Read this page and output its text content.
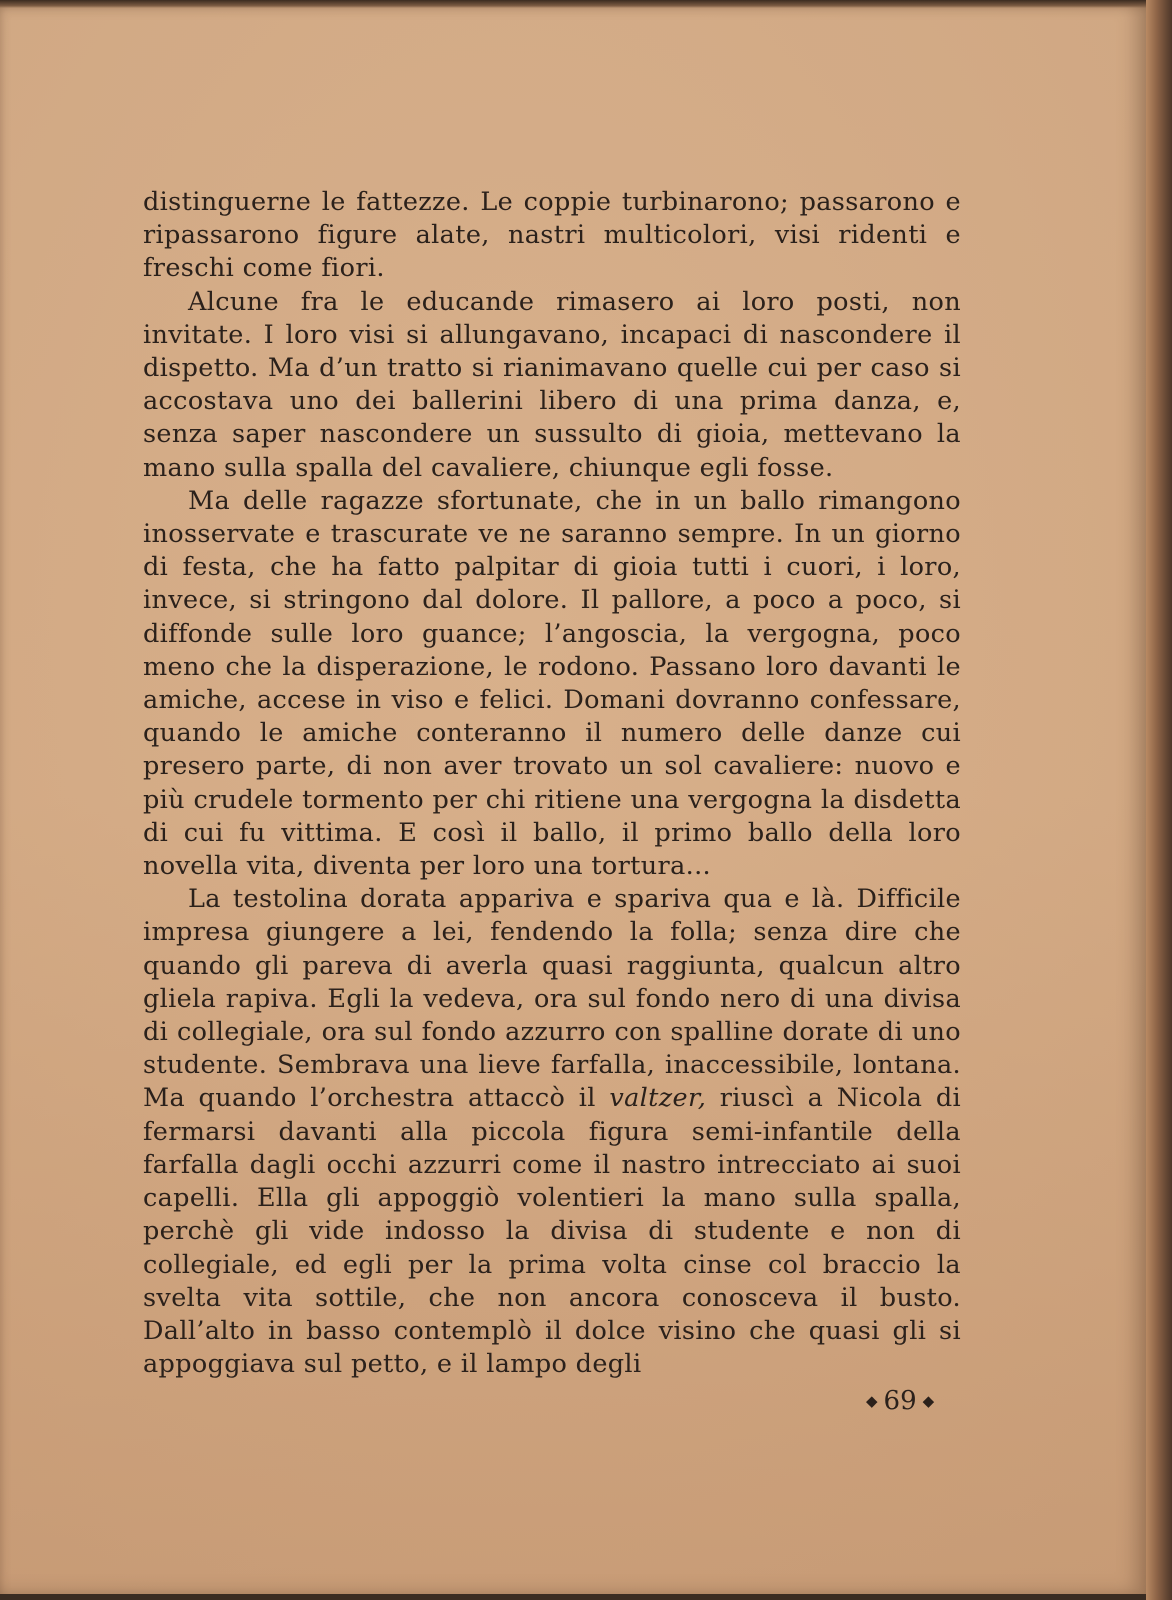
distinguerne le fattezze. Le coppie turbinarono; passarono e ripassarono figure alate, nastri multicolori, visi ridenti e freschi come fiori.

Alcune fra le educande rimasero ai loro posti, non invitate. I loro visi si allungavano, incapaci di nascondere il dispetto. Ma d’un tratto si rianimavano quelle cui per caso si accostava uno dei ballerini libero di una prima danza, e, senza saper nascondere un sussulto di gioia, mettevano la mano sulla spalla del cavaliere, chiunque egli fosse.

Ma delle ragazze sfortunate, che in un ballo rimangono inosservate e trascurate ve ne saranno sempre. In un giorno di festa, che ha fatto palpitar di gioia tutti i cuori, i loro, invece, si stringono dal dolore. Il pallore, a poco a poco, si diffonde sulle loro guance; l’angoscia, la vergogna, poco meno che la disperazione, le rodono. Passano loro davanti le amiche, accese in viso e felici. Domani dovranno confessare, quando le amiche conteranno il numero delle danze cui presero parte, di non aver trovato un sol cavaliere: nuovo e più crudele tormento per chi ritiene una vergogna la disdetta di cui fu vittima. E così il ballo, il primo ballo della loro novella vita, diventa per loro una tortura...

La testolina dorata appariva e spariva qua e là. Difficile impresa giungere a lei, fendendo la folla; senza dire che quando gli pareva di averla quasi raggiunta, qualcun altro gliela rapiva. Egli la vedeva, ora sul fondo nero di una divisa di collegiale, ora sul fondo azzurro con spalline dorate di uno studente. Sembrava una lieve farfalla, inaccessibile, lontana. Ma quando l’orchestra attaccò il valtzer, riuscì a Nicola di fermarsi davanti alla piccola figura semi-infantile della farfalla dagli occhi azzurri come il nastro intrecciato ai suoi capelli. Ella gli appoggiò volentieri la mano sulla spalla, perchè gli vide indosso la divisa di studente e non di collegiale, ed egli per la prima volta cinse col braccio la svelta vita sottile, che non ancora conosceva il busto. Dall’alto in basso contemplò il dolce visino che quasi gli si appoggiava sul petto, e il lampo degli

◆ 69 ◆
